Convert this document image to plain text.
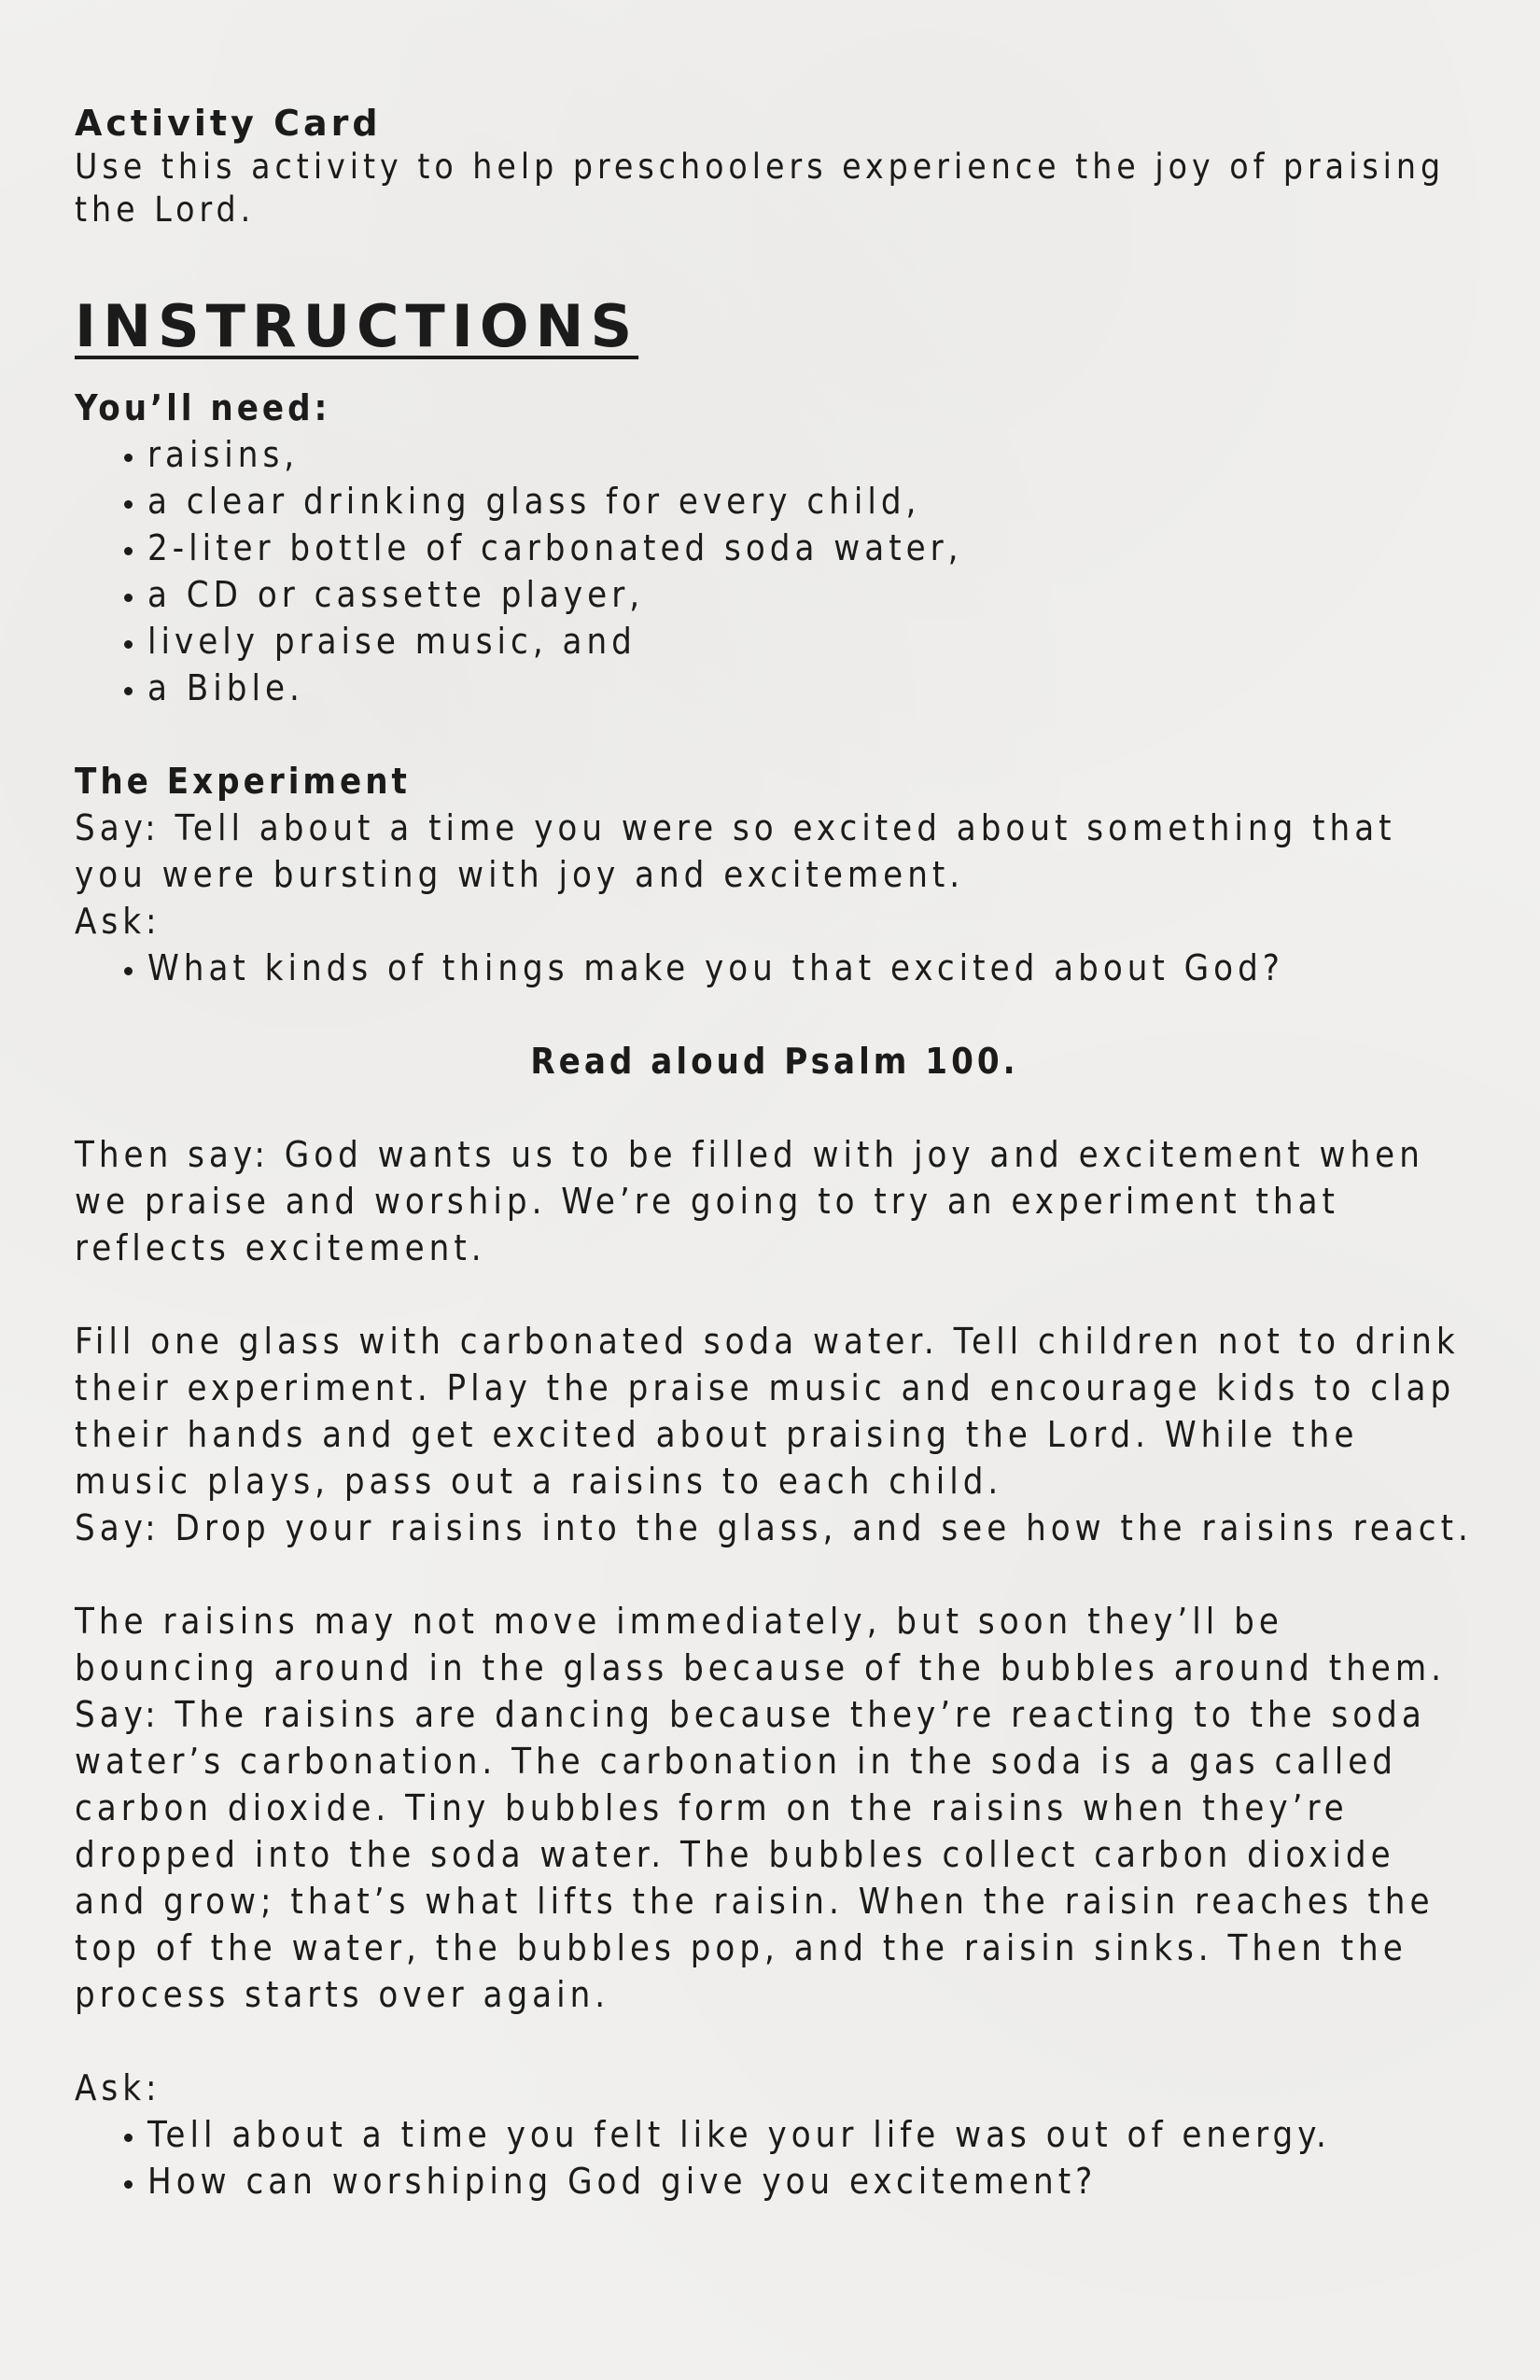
Activity Card

Use this activity to help preschoolers experience the joy of praising the Lord.

INSTRUCTIONS

You’ll need:

• raisins,
• a clear drinking glass for every child,
• 2-liter bottle of carbonated soda water,
• a CD or cassette player,
• lively praise music, and
• a Bible.

The Experiment

Say: Tell about a time you were so excited about something that you were bursting with joy and excitement.

Ask:

• What kinds of things make you that excited about God?

Read aloud Psalm 100.

Then say: God wants us to be filled with joy and excitement when we praise and worship. We’re going to try an experiment that reflects excitement.

Fill one glass with carbonated soda water. Tell children not to drink their experiment. Play the praise music and encourage kids to clap their hands and get excited about praising the Lord. While the music plays, pass out a raisins to each child.

Say: Drop your raisins into the glass, and see how the raisins react.

The raisins may not move immediately, but soon they’ll be bouncing around in the glass because of the bubbles around them.

Say: The raisins are dancing because they’re reacting to the soda water’s carbonation. The carbonation in the soda is a gas called carbon dioxide. Tiny bubbles form on the raisins when they’re dropped into the soda water. The bubbles collect carbon dioxide and grow; that’s what lifts the raisin. When the raisin reaches the top of the water, the bubbles pop, and the raisin sinks. Then the process starts over again.

Ask:

• Tell about a time you felt like your life was out of energy.
• How can worshiping God give you excitement?
